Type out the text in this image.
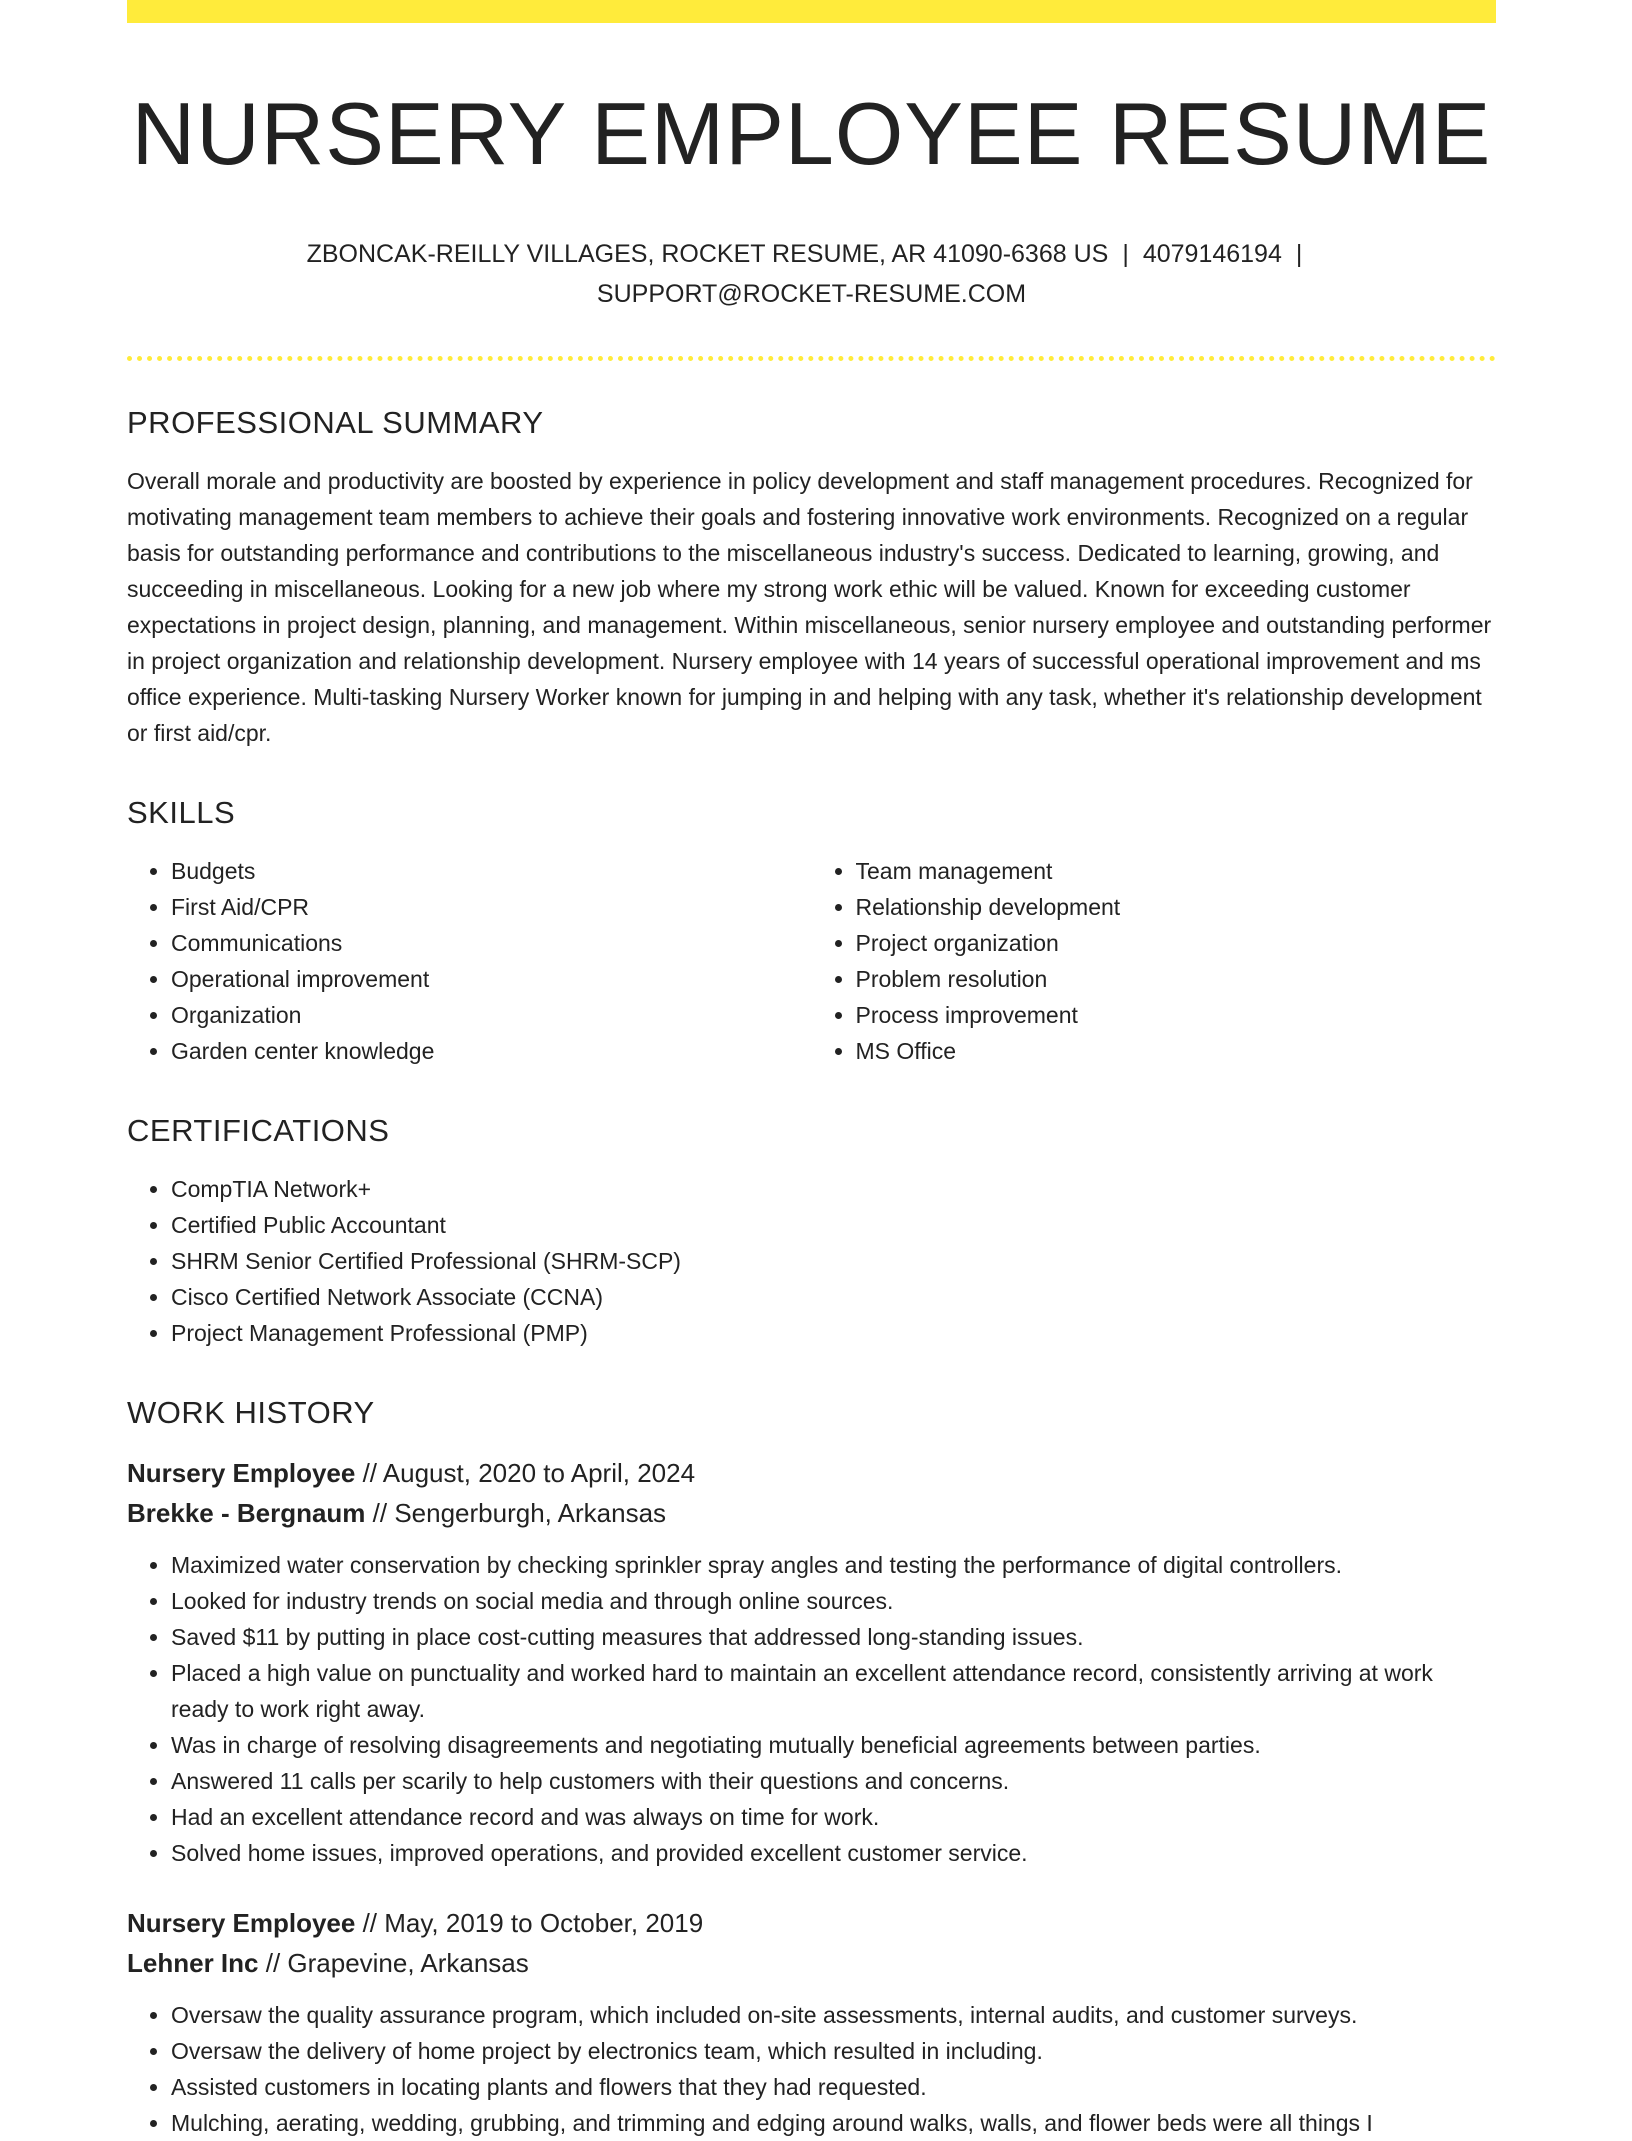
NURSERY EMPLOYEE RESUME
ZBONCAK-REILLY VILLAGES, ROCKET RESUME, AR 41090-6368 US | 4079146194 |
SUPPORT@ROCKET-RESUME.COM
PROFESSIONAL SUMMARY

Overall morale and productivity are boosted by experience in policy development and staff management procedures. Recognized for motivating management team members to achieve their goals and fostering innovative work environments. Recognized on a regular basis for outstanding performance and contributions to the miscellaneous industry's success. Dedicated to learning, growing, and succeeding in miscellaneous. Looking for a new job where my strong work ethic will be valued. Known for exceeding customer expectations in project design, planning, and management. Within miscellaneous, senior nursery employee and outstanding performer in project organization and relationship development. Nursery employee with 14 years of successful operational improvement and ms office experience. Multi-tasking Nursery Worker known for jumping in and helping with any task, whether it's relationship development or first aid/cpr.

SKILLS
• Budgets
• First Aid/CPR
• Communications
• Operational improvement
• Organization
• Garden center knowledge
• Team management
• Relationship development
• Project organization
• Problem resolution
• Process improvement
• MS Office
CERTIFICATIONS
• CompTIA Network+
• Certified Public Accountant
• SHRM Senior Certified Professional (SHRM-SCP)
• Cisco Certified Network Associate (CCNA)
• Project Management Professional (PMP)
WORK HISTORY
Nursery Employee // August, 2020 to April, 2024
Brekke - Bergnaum // Sengerburgh, Arkansas
• Maximized water conservation by checking sprinkler spray angles and testing the performance of digital controllers.
• Looked for industry trends on social media and through online sources.
• Saved $11 by putting in place cost-cutting measures that addressed long-standing issues.
• Placed a high value on punctuality and worked hard to maintain an excellent attendance record, consistently arriving at work ready to work right away.
• Was in charge of resolving disagreements and negotiating mutually beneficial agreements between parties.
• Answered 11 calls per scarily to help customers with their questions and concerns.
• Had an excellent attendance record and was always on time for work.
• Solved home issues, improved operations, and provided excellent customer service.
Nursery Employee // May, 2019 to October, 2019
Lehner Inc // Grapevine, Arkansas
• Oversaw the quality assurance program, which included on-site assessments, internal audits, and customer surveys.
• Oversaw the delivery of home project by electronics team, which resulted in including.
• Assisted customers in locating plants and flowers that they had requested.
• Mulching, aerating, wedding, grubbing, and trimming and edging around walks, walls, and flower beds were all things I
